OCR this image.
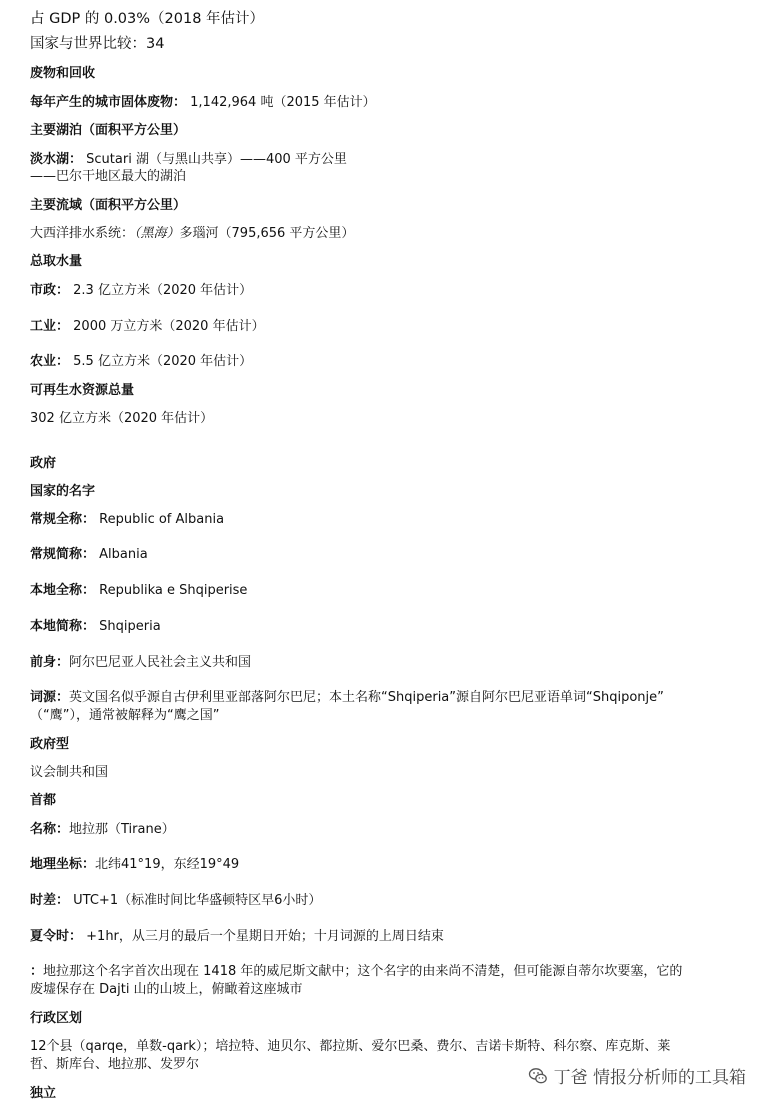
占 GDP 的 0.03%（2018 年估计）
国家与世界比较：34
废物和回收
每年产生的城市固体废物： 1,142,964 吨（2015 年估计）
主要湖泊（面积平方公里）
淡水湖： Scutari 湖（与黑山共享）——400 平方公里
——巴尔干地区最大的湖泊
主要流域（面积平方公里）
大西洋排水系统：（黑海）多瑙河（795,656 平方公里）
总取水量
市政： 2.3 亿立方米（2020 年估计）
工业： 2000 万立方米（2020 年估计）
农业： 5.5 亿立方米（2020 年估计）
可再生水资源总量
302 亿立方米（2020 年估计）
政府
国家的名字
常规全称： Republic of Albania
常规简称： Albania
本地全称： Republika e Shqiperise
本地简称： Shqiperia
前身：阿尔巴尼亚人民社会主义共和国
词源：英文国名似乎源自古伊利里亚部落阿尔巴尼；本土名称“Shqiperia”源自阿尔巴尼亚语单词“Shqiponje”
（“鹰”），通常被解释为“鹰之国”
政府型
议会制共和国
首都
名称：地拉那（Tirane）
地理坐标：北纬41°19，东经19°49
时差： UTC+1（标准时间比华盛顿特区早6小时）
夏令时： +1hr，从三月的最后一个星期日开始；十月词源的上周日结束
：地拉那这个名字首次出现在 1418 年的威尼斯文献中；这个名字的由来尚不清楚，但可能源自蒂尔坎要塞，它的
废墟保存在 Dajti 山的山坡上，俯瞰着这座城市
行政区划
12个县（qarqe，单数-qark）；培拉特、迪贝尔、都拉斯、爱尔巴桑、费尔、吉诺卡斯特、科尔察、库克斯、莱
哲、斯库台、地拉那、发罗尔
独立
丁爸 情报分析师的工具箱
